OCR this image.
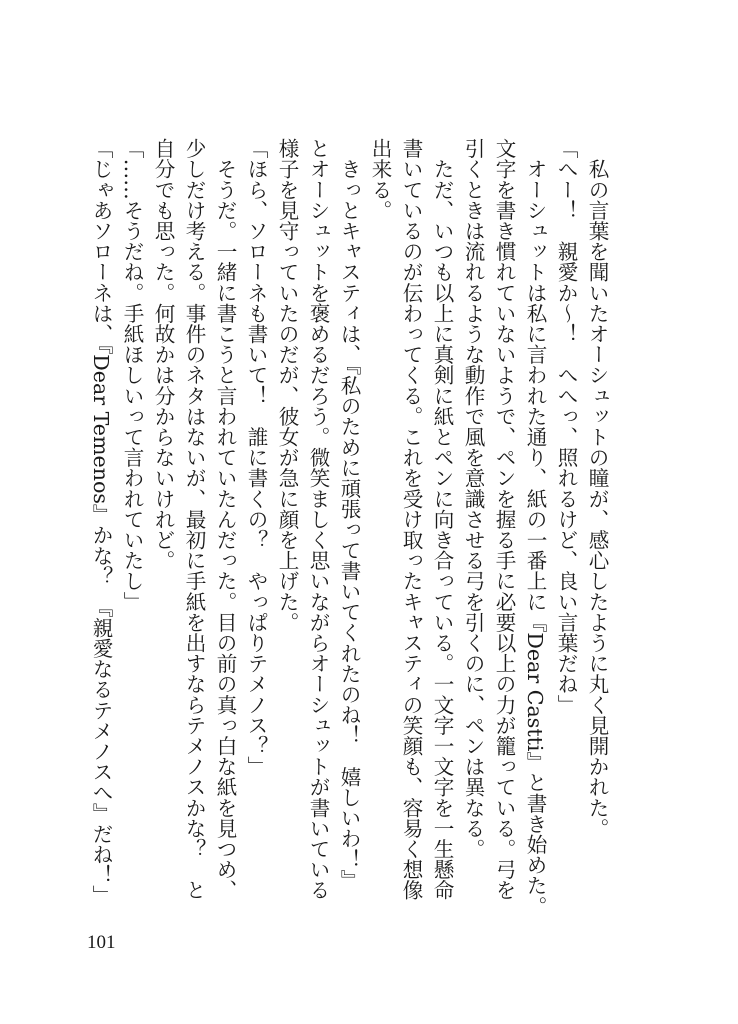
　私の言葉を聞いたオーシュットの瞳が、感心したように丸く見開かれた。
「へー！　親愛か〜！　へへっ、照れるけど、良い言葉だね」
　オーシュットは私に言われた通り、紙の一番上に『Dear Castti』と書き始めた。
文字を書き慣れていないようで、ペンを握る手に必要以上の力が籠っている。弓を
引くときは流れるような動作で風を意識させる弓を引くのに、ペンは異なる。
　ただ、いつも以上に真剣に紙とペンに向き合っている。一文字一文字を一生懸命
書いているのが伝わってくる。これを受け取ったキャスティの笑顔も、容易く想像
出来る。
　きっとキャスティは、『私のために頑張って書いてくれたのね！　嬉しいわ！』
とオーシュットを褒めるだろう。微笑ましく思いながらオーシュットが書いている
様子を見守っていたのだが、彼女が急に顔を上げた。
「ほら、ソローネも書いて！　誰に書くの？　やっぱりテメノス？」
　そうだ。一緒に書こうと言われていたんだった。目の前の真っ白な紙を見つめ、
少しだけ考える。事件のネタはないが、最初に手紙を出すならテメノスかな？　と
自分でも思った。何故かは分からないけれど。
「……そうだね。手紙ほしいって言われていたし」
「じゃあソローネは、『Dear Temenos』かな？　『親愛なるテメノスへ』だね！」
101
